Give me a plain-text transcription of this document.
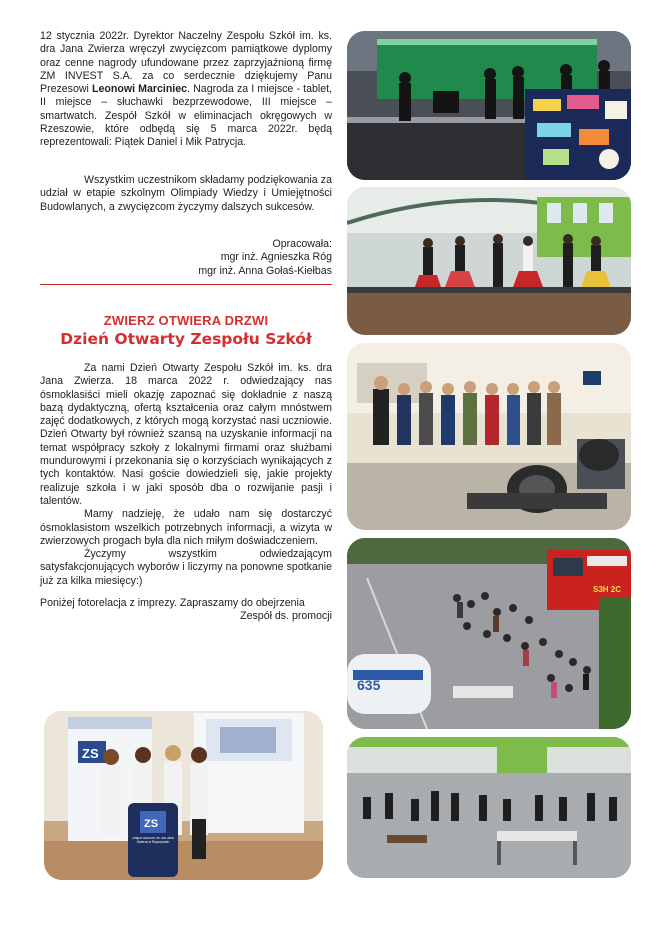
12 stycznia 2022r. Dyrektor Naczelny Zespołu Szkół im. ks. dra Jana Zwierza wręczył zwycięzcom pamiątkowe dyplomy oraz cenne nagrody ufundowane przez zaprzyjaźnioną firmę ZM INVEST S.A. za co serdecznie dziękujemy Panu Prezesowi Leonowi Marciniec. Nagroda za I miejsce - tablet, II miejsce – słuchawki bezprzewodowe, III miejsce – smartwatch. Zespół Szkół w eliminacjach okręgowych w Rzeszowie, które odbędą się 5 marca 2022r. będą reprezentowali: Piątek Daniel i Mik Patrycja.

Wszystkim uczestnikom składamy podziękowania za udział w etapie szkolnym Olimpiady Wiedzy i Umiejętności Budowlanych, a zwycięzcom życzymy dalszych sukcesów.

Opracowała:

mgr inż. Agnieszka Róg

mgr inż. Anna Gołaś-Kiełbas

ZWIERZ OTWIERA DRZWI
Dzień Otwarty Zespołu Szkół

Za nami Dzień Otwarty Zespołu Szkół im. ks. dra Jana Zwierza. 18 marca 2022 r. odwiedzający nas ósmoklasiści mieli okazję zapoznać się dokładnie z naszą bazą dydaktyczną, ofertą kształcenia oraz całym mnóstwem zajęć dodatkowych, z których mogą korzystać nasi uczniowie. Dzień Otwarty był również szansą na uzyskanie informacji na temat współpracy szkoły z lokalnymi firmami oraz służbami mundurowymi i przekonania się o korzyściach wynikających z tych kontaktów. Nasi goście dowiedzieli się, jakie projekty realizuje szkoła i w jaki sposób dba o rozwijanie pasji i talentów.

Mamy nadzieję, że udało nam się dostarczyć ósmoklasistom wszelkich potrzebnych informacji, a wizyta w zwierzowych progach była dla nich miłym doświadczeniem.

Życzymy wszystkim odwiedzającym satysfakcjonujących wyborów i liczymy na ponowne spotkanie już za kilka miesięcy:)

Poniżej fotorelacja z imprezy. Zapraszamy do obejrzenia

Zespół ds. promocji

S3H 2C
635
ZS
ZS
Zespół Szkół im. ks. dra Jana Zwierza w Ropczycach
